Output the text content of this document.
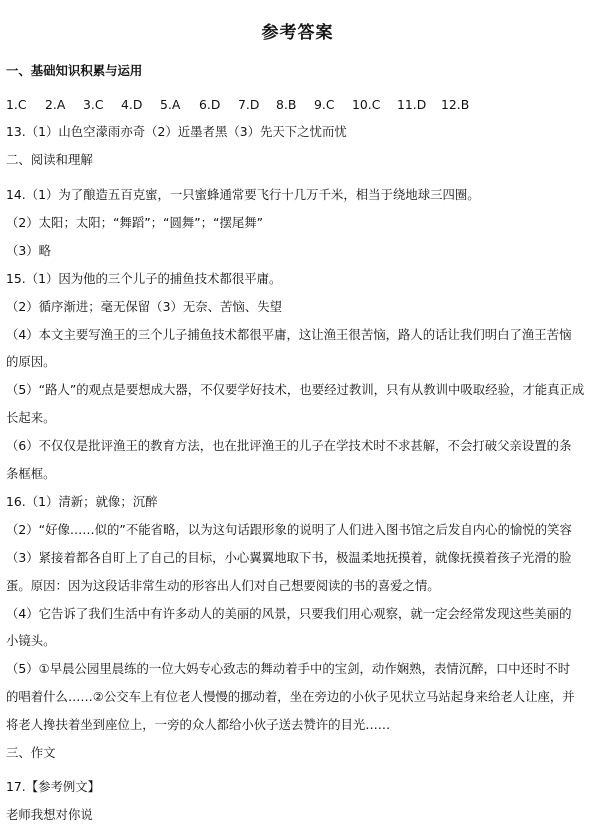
参考答案
一、基础知识积累与运用
1.C 2.A 3.C 4.D 5.A 6.D 7.D 8.B 9.C 10.C 11.D 12.B
13.（1）山色空濛雨亦奇（2）近墨者黑（3）先天下之忧而忧
二、阅读和理解
14.（1）为了酿造五百克蜜，一只蜜蜂通常要飞行十几万千米，相当于绕地球三四圈。
（2）太阳；太阳；“舞蹈”；“圆舞”；“摆尾舞”
（3）略
15.（1）因为他的三个儿子的捕鱼技术都很平庸。
（2）循序渐进；毫无保留（3）无奈、苦恼、失望
（4）本文主要写渔王的三个儿子捕鱼技术都很平庸，这让渔王很苦恼，路人的话让我们明白了渔王苦恼
的原因。
（5）“路人”的观点是要想成大器，不仅要学好技术，也要经过教训，只有从教训中吸取经验，才能真正成
长起来。
（6）不仅仅是批评渔王的教育方法，也在批评渔王的儿子在学技术时不求甚解，不会打破父亲设置的条
条框框。
16.（1）清新；就像；沉醉
（2）“好像……似的”不能省略，以为这句话跟形象的说明了人们进入图书馆之后发自内心的愉悦的笑容
（3）紧接着都各自盯上了自己的目标，小心翼翼地取下书，极温柔地抚摸着，就像抚摸着孩子光滑的脸
蛋。原因：因为这段话非常生动的形容出人们对自己想要阅读的书的喜爱之情。
（4）它告诉了我们生活中有许多动人的美丽的风景，只要我们用心观察，就一定会经常发现这些美丽的
小镜头。
（5）①早晨公园里晨练的一位大妈专心致志的舞动着手中的宝剑，动作娴熟，表情沉醉，口中还时不时
的唱着什么……②公交车上有位老人慢慢的挪动着，坐在旁边的小伙子见状立马站起身来给老人让座，并
将老人搀扶着坐到座位上，一旁的众人都给小伙子送去赞许的目光……
三、作文
17.【参考例文】
老师我想对你说
